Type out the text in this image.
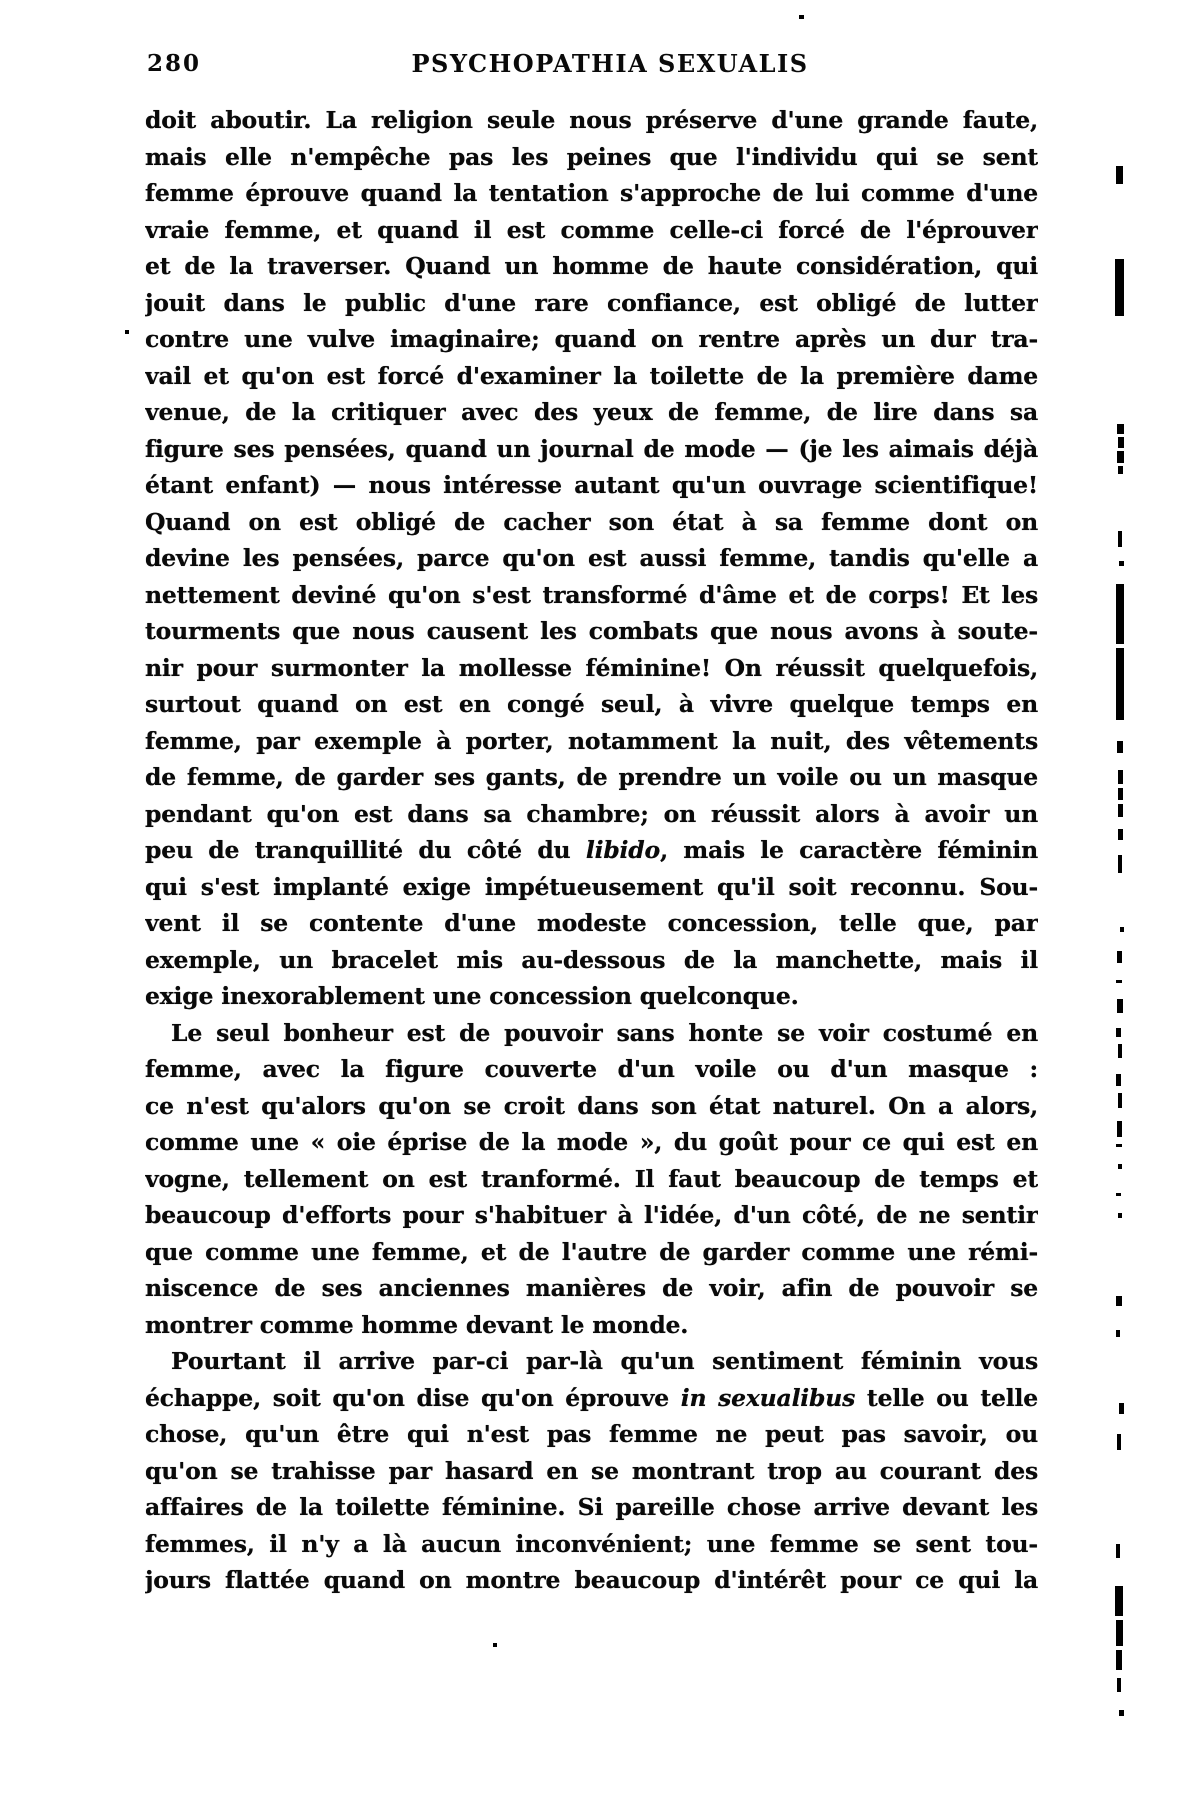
280	PSYCHOPATHIA SEXUALIS
doit aboutir. La religion seule nous préserve d'une grande faute,
mais elle n'empêche pas les peines que l'individu qui se sent
femme éprouve quand la tentation s'approche de lui comme d'une
vraie femme, et quand il est comme celle-ci forcé de l'éprouver
et de la traverser. Quand un homme de haute considération, qui
jouit dans le public d'une rare confiance, est obligé de lutter
contre une vulve imaginaire; quand on rentre après un dur tra-
vail et qu'on est forcé d'examiner la toilette de la première dame
venue, de la critiquer avec des yeux de femme, de lire dans sa
figure ses pensées, quand un journal de mode — (je les aimais déjà
étant enfant) — nous intéresse autant qu'un ouvrage scientifique!
Quand on est obligé de cacher son état à sa femme dont on
devine les pensées, parce qu'on est aussi femme, tandis qu'elle a
nettement deviné qu'on s'est transformé d'âme et de corps! Et les
tourments que nous causent les combats que nous avons à soute-
nir pour surmonter la mollesse féminine! On réussit quelquefois,
surtout quand on est en congé seul, à vivre quelque temps en
femme, par exemple à porter, notamment la nuit, des vêtements
de femme, de garder ses gants, de prendre un voile ou un masque
pendant qu'on est dans sa chambre; on réussit alors à avoir un
peu de tranquillité du côté du libido, mais le caractère féminin
qui s'est implanté exige impétueusement qu'il soit reconnu. Sou-
vent il se contente d'une modeste concession, telle que, par
exemple, un bracelet mis au-dessous de la manchette, mais il
exige inexorablement une concession quelconque.
Le seul bonheur est de pouvoir sans honte se voir costumé en
femme, avec la figure couverte d'un voile ou d'un masque :
ce n'est qu'alors qu'on se croit dans son état naturel. On a alors,
comme une « oie éprise de la mode », du goût pour ce qui est en
vogne, tellement on est tranformé. Il faut beaucoup de temps et
beaucoup d'efforts pour s'habituer à l'idée, d'un côté, de ne sentir
que comme une femme, et de l'autre de garder comme une rémi-
niscence de ses anciennes manières de voir, afin de pouvoir se
montrer comme homme devant le monde.
Pourtant il arrive par-ci par-là qu'un sentiment féminin vous
échappe, soit qu'on dise qu'on éprouve in sexualibus telle ou telle
chose, qu'un être qui n'est pas femme ne peut pas savoir, ou
qu'on se trahisse par hasard en se montrant trop au courant des
affaires de la toilette féminine. Si pareille chose arrive devant les
femmes, il n'y a là aucun inconvénient; une femme se sent tou-
jours flattée quand on montre beaucoup d'intérêt pour ce qui la
